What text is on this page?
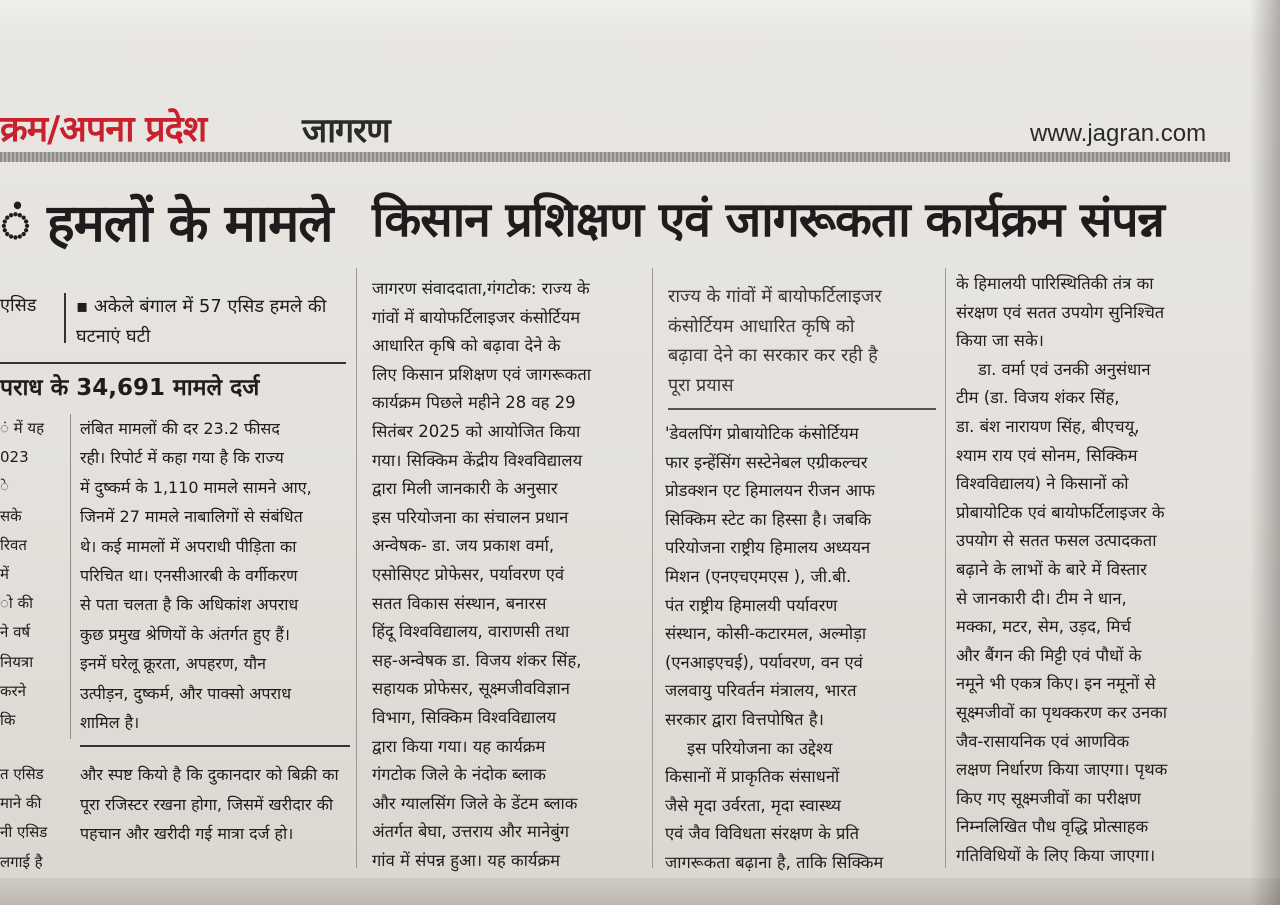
क्रम/अपना प्रदेश	जागरण	www.jagran.com
ं हमलों के मामले किसान प्रशिक्षण एवं जागरूकता कार्यक्रम संपन्न
एसिड ▪ अकेले बंगाल में 57 एसिड हमले की घटनाएं घटी
पराध के 34,691 मामले दर्ज
ं में यह
023
े
सके
रिवत
में
ो की
ने वर्ष
नियत्रा
करने
कि
लंबित मामलों की दर 23.2 फीसद
रही। रिपोर्ट में कहा गया है कि राज्य
में दुष्कर्म के 1,110 मामले सामने आए,
जिनमें 27 मामले नाबालिगों से संबंधित
थे। कई मामलों में अपराधी पीड़िता का
परिचित था। एनसीआरबी के वर्गीकरण
से पता चलता है कि अधिकांश अपराध
कुछ प्रमुख श्रेणियों के अंतर्गत हुए हैं।
इनमें घरेलू क्रूरता, अपहरण, यौन
उत्पीड़न, दुष्कर्म, और पाक्सो अपराध
शामिल है।
त एसिड
माने की
नी एसिड
लगाई है
और स्पष्ट कियो है कि दुकानदार को बिक्री का पूरा रजिस्टर रखना होगा, जिसमें खरीदार की पहचान और खरीदी गई मात्रा दर्ज हो।
जागरण संवाददाता,गंगटोक: राज्य के
गांवों में बायोफर्टिलाइजर कंसोर्टियम
आधारित कृषि को बढ़ावा देने के
लिए किसान प्रशिक्षण एवं जागरूकता
कार्यक्रम पिछले महीने 28 वह 29
सितंबर 2025 को आयोजित किया
गया। सिक्किम केंद्रीय विश्वविद्यालय
द्वारा मिली जानकारी के अनुसार
इस परियोजना का संचालन प्रधान
अन्वेषक- डा. जय प्रकाश वर्मा,
एसोसिएट प्रोफेसर, पर्यावरण एवं
सतत विकास संस्थान, बनारस
हिंदू विश्वविद्यालय, वाराणसी तथा
सह-अन्वेषक डा. विजय शंकर सिंह,
सहायक प्रोफेसर, सूक्ष्मजीवविज्ञान
विभाग, सिक्किम विश्वविद्यालय
द्वारा किया गया। यह कार्यक्रम
गंगटोक जिले के नंदोक ब्लाक
और ग्यालसिंग जिले के डेंटम ब्लाक
अंतर्गत बेघा, उत्तराय और मानेबुंग
गांव में संपन्न हुआ। यह कार्यक्रम
राज्य के गांवों में बायोफर्टिलाइजर
कंसोर्टियम आधारित कृषि को
बढ़ावा देने का सरकार कर रही है
पूरा प्रयास
'डेवलपिंग प्रोबायोटिक कंसोर्टियम
फार इन्हेंसिंग सस्टेनेबल एग्रीकल्चर
प्रोडक्शन एट हिमालयन रीजन आफ
सिक्किम स्टेट का हिस्सा है। जबकि
परियोजना राष्ट्रीय हिमालय अध्ययन
मिशन (एनएचएमएस ), जी.बी.
पंत राष्ट्रीय हिमालयी पर्यावरण
संस्थान, कोसी-कटारमल, अल्मोड़ा
(एनआइएचई), पर्यावरण, वन एवं
जलवायु परिवर्तन मंत्रालय, भारत
सरकार द्वारा वित्तपोषित है।
इस परियोजना का उद्देश्य
किसानों में प्राकृतिक संसाधनों
जैसे मृदा उर्वरता, मृदा स्वास्थ्य
एवं जैव विविधता संरक्षण के प्रति
जागरूकता बढ़ाना है, ताकि सिक्किम
के हिमालयी पारिस्थितिकी तंत्र का
संरक्षण एवं सतत उपयोग सुनिश्चित
किया जा सके।
डा. वर्मा एवं उनकी अनुसंधान
टीम (डा. विजय शंकर सिंह,
डा. बंश नारायण सिंह, बीएचयू,
श्याम राय एवं सोनम, सिक्किम
विश्वविद्यालय) ने किसानों को
प्रोबायोटिक एवं बायोफर्टिलाइजर के
उपयोग से सतत फसल उत्पादकता
बढ़ाने के लाभों के बारे में विस्तार
से जानकारी दी। टीम ने धान,
मक्का, मटर, सेम, उड़द, मिर्च
और बैंगन की मिट्टी एवं पौधों के
नमूने भी एकत्र किए। इन नमूनों से
सूक्ष्मजीवों का पृथक्करण कर उनका
जैव-रासायनिक एवं आणविक
लक्षण निर्धारण किया जाएगा। पृथक
किए गए सूक्ष्मजीवों का परीक्षण
निम्नलिखित पौध वृद्धि प्रोत्साहक
गतिविधियों के लिए किया जाएगा।
